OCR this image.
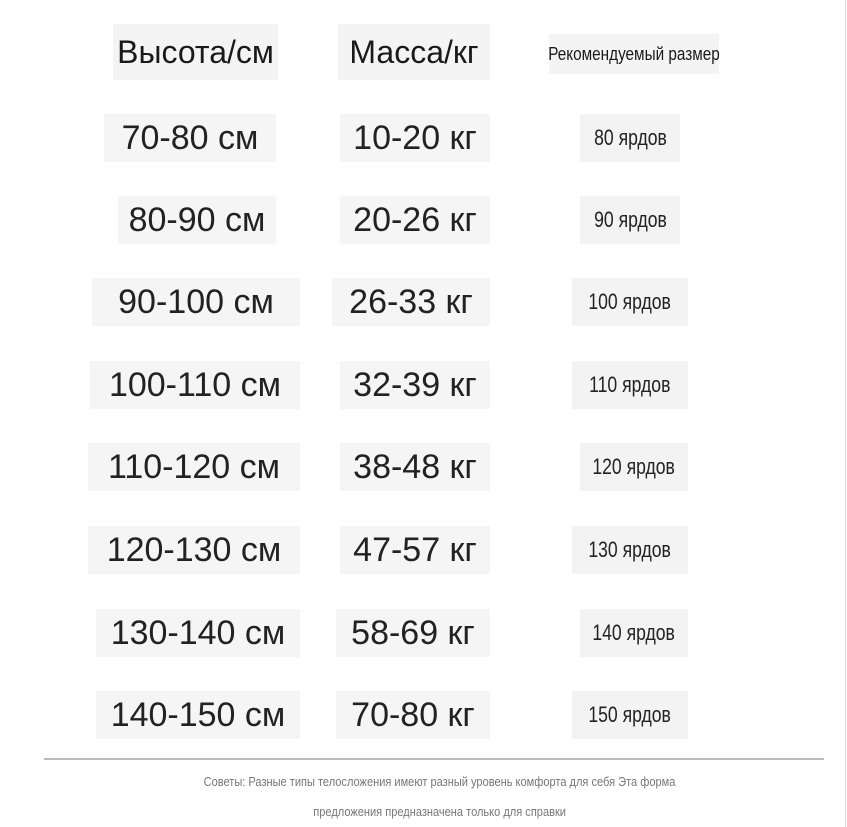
Высота/см	Масса/кг	Рекомендуемый размер
70-80 см	10-20 кг	80 ярдов
80-90 см	20-26 кг	90 ярдов
90-100 см	26-33 кг	100 ярдов
100-110 см	32-39 кг	110 ярдов
110-120 см	38-48 кг	120 ярдов
120-130 см	47-57 кг	130 ярдов
130-140 см	58-69 кг	140 ярдов
140-150 см	70-80 кг	150 ярдов
Советы: Разные типы телосложения имеют разный уровень комфорта для себя Эта форма
предложения предназначена только для справки
